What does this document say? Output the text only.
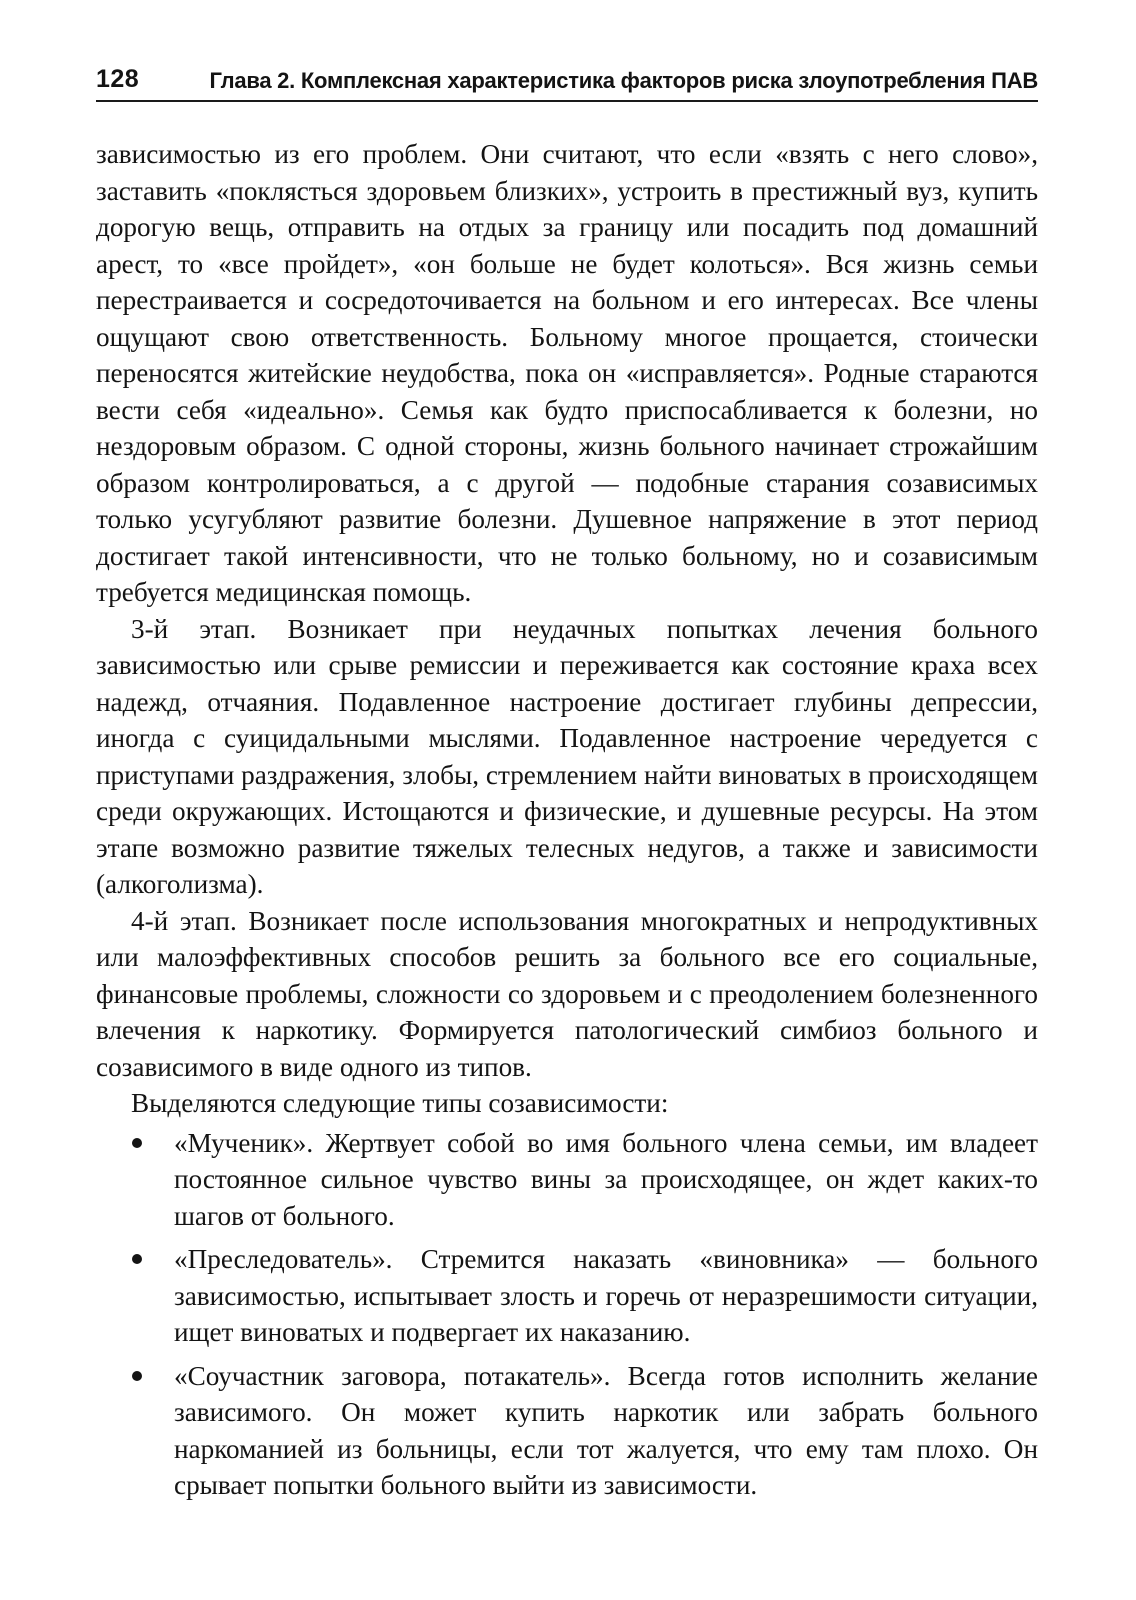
128	Глава 2. Комплексная характеристика факторов риска злоупотребления ПАВ

зависимостью из его проблем. Они считают, что если «взять с него слово», заставить «поклясться здоровьем близких», устроить в престижный вуз, купить дорогую вещь, отправить на отдых за границу или посадить под домашний арест, то «все пройдет», «он больше не будет колоться». Вся жизнь семьи перестраивается и сосредоточивается на больном и его интересах. Все члены ощущают свою ответственность. Больному многое прощается, стоически переносятся житейские неудобства, пока он «исправляется». Родные стараются вести себя «идеально». Семья как будто приспосабливается к болезни, но нездоровым образом. С одной стороны, жизнь больного начинает строжайшим образом контролироваться, а с другой — подобные старания созависимых только усугубляют развитие болезни. Душевное напряжение в этот период достигает такой интенсивности, что не только больному, но и созависимым требуется медицинская помощь.

3-й этап. Возникает при неудачных попытках лечения больного зависимостью или срыве ремиссии и переживается как состояние краха всех надежд, отчаяния. Подавленное настроение достигает глубины депрессии, иногда с суицидальными мыслями. Подавленное настроение чередуется с приступами раздражения, злобы, стремлением найти виноватых в происходящем среди окружающих. Истощаются и физические, и душевные ресурсы. На этом этапе возможно развитие тяжелых телесных недугов, а также и зависимости (алкоголизма).

4-й этап. Возникает после использования многократных и непродуктивных или малоэффективных способов решить за больного все его социальные, финансовые проблемы, сложности со здоровьем и с преодолением болезненного влечения к наркотику. Формируется патологический симбиоз больного и созависимого в виде одного из типов.

Выделяются следующие типы созависимости:

«Мученик». Жертвует собой во имя больного члена семьи, им владеет постоянное сильное чувство вины за происходящее, он ждет каких-то шагов от больного.
«Преследователь». Стремится наказать «виновника» — больного зависимостью, испытывает злость и горечь от неразрешимости ситуации, ищет виноватых и подвергает их наказанию.
«Соучастник заговора, потакатель». Всегда готов исполнить желание зависимого. Он может купить наркотик или забрать больного наркоманией из больницы, если тот жалуется, что ему там плохо. Он срывает попытки больного выйти из зависимости.
